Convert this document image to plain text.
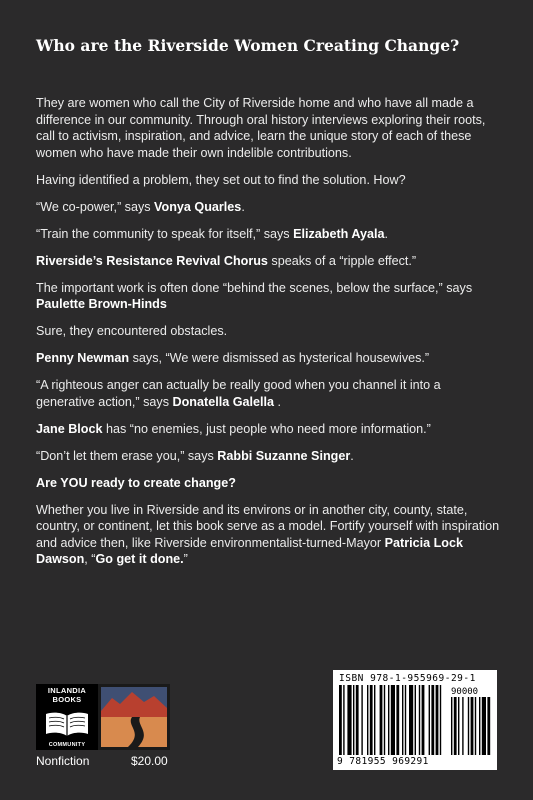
Who are the Riverside Women Creating Change?

They are women who call the City of Riverside home and who have all made a difference in our community. Through oral history interviews exploring their roots, call to activism, inspiration, and advice, learn the unique story of each of these women who have made their own indelible contributions.

Having identified a problem, they set out to find the solution. How?

“We co-power,” says Vonya Quarles.

“Train the community to speak for itself,” says Elizabeth Ayala.

Riverside’s Resistance Revival Chorus speaks of a “ripple effect.”

The important work is often done “behind the scenes, below the surface,” says Paulette Brown-Hinds

Sure, they encountered obstacles.

Penny Newman says, “We were dismissed as hysterical housewives.”

“A righteous anger can actually be really good when you channel it into a generative action,” says Donatella Galella .

Jane Block has “no enemies, just people who need more information.”

“Don’t let them erase you,” says Rabbi Suzanne Singer.

Are YOU ready to create change?

Whether you live in Riverside and its environs or in another city, county, state, country, or continent, let this book serve as a model. Fortify yourself with inspiration and advice then, like Riverside environmentalist-turned-Mayor Patricia Lock Dawson, “Go get it done.”

INLANDIA
BOOKS
COMMUNITY
Nonfiction	$20.00
ISBN 978-1-955969-29-1
90000
9 781955 969291
